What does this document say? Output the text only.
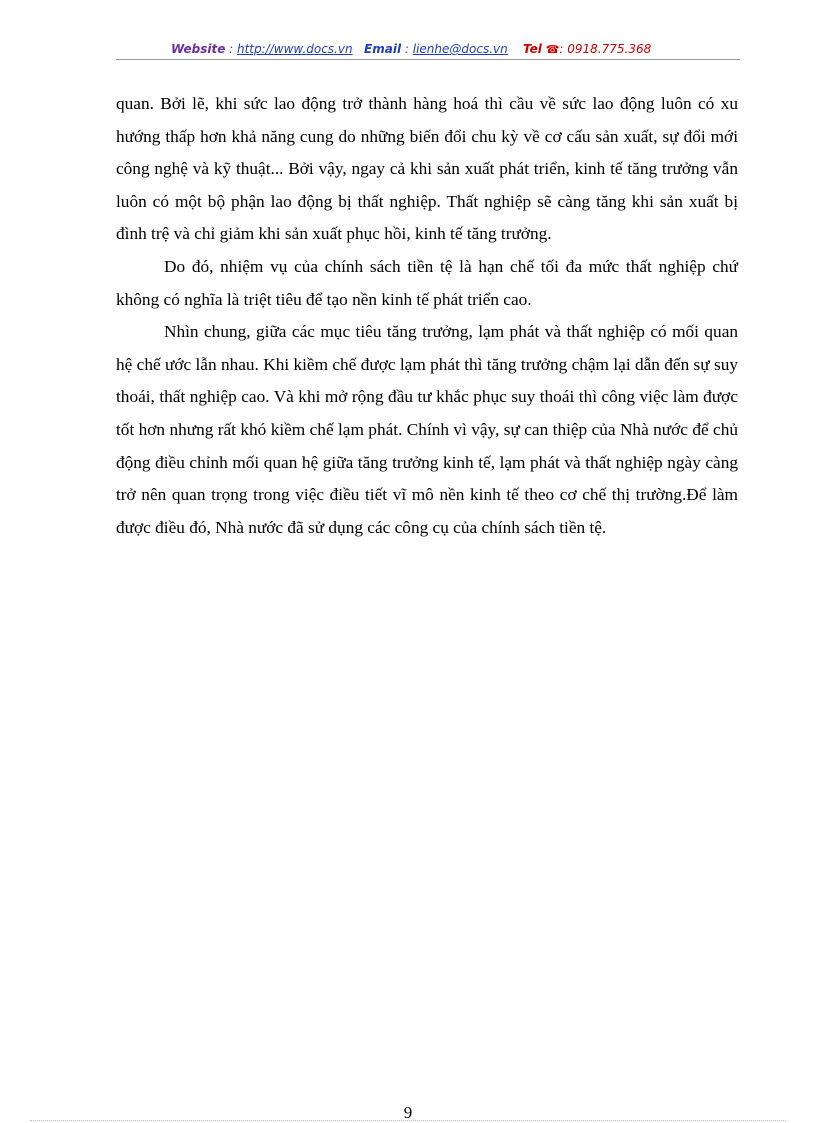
Website : http://www.docs.vn Email : lienhe@docs.vn Tel ☎: 0918.775.368

quan. Bởi lẽ, khi sức lao động trở thành hàng hoá thì cầu về sức lao động luôn có xu hướng thấp hơn khả năng cung do những biến đổi chu kỳ về cơ cấu sản xuất, sự đổi mới công nghệ và kỹ thuật... Bởi vậy, ngay cả khi sản xuất phát triển, kinh tế tăng trưởng vẫn luôn có một bộ phận lao động bị thất nghiệp. Thất nghiệp sẽ càng tăng khi sản xuất bị đình trệ và chỉ giảm khi sản xuất phục hồi, kinh tế tăng trưởng.

Do đó, nhiệm vụ của chính sách tiền tệ là hạn chế tối đa mức thất nghiệp chứ không có nghĩa là triệt tiêu để tạo nền kinh tế phát triển cao.

Nhìn chung, giữa các mục tiêu tăng trưởng, lạm phát và thất nghiệp có mối quan hệ chế ước lẫn nhau. Khi kiềm chế được lạm phát thì tăng trưởng chậm lại dẫn đến sự suy thoái, thất nghiệp cao. Và khi mở rộng đầu tư khắc phục suy thoái thì công việc làm được tốt hơn nhưng rất khó kiềm chế lạm phát. Chính vì vậy, sự can thiệp của Nhà nước để chủ động điều chỉnh mối quan hệ giữa tăng trưởng kinh tế, lạm phát và thất nghiệp ngày càng trở nên quan trọng trong việc điều tiết vĩ mô nền kinh tế theo cơ chế thị trường.Để làm được điều đó, Nhà nước đã sử dụng các công cụ của chính sách tiền tệ.

9
